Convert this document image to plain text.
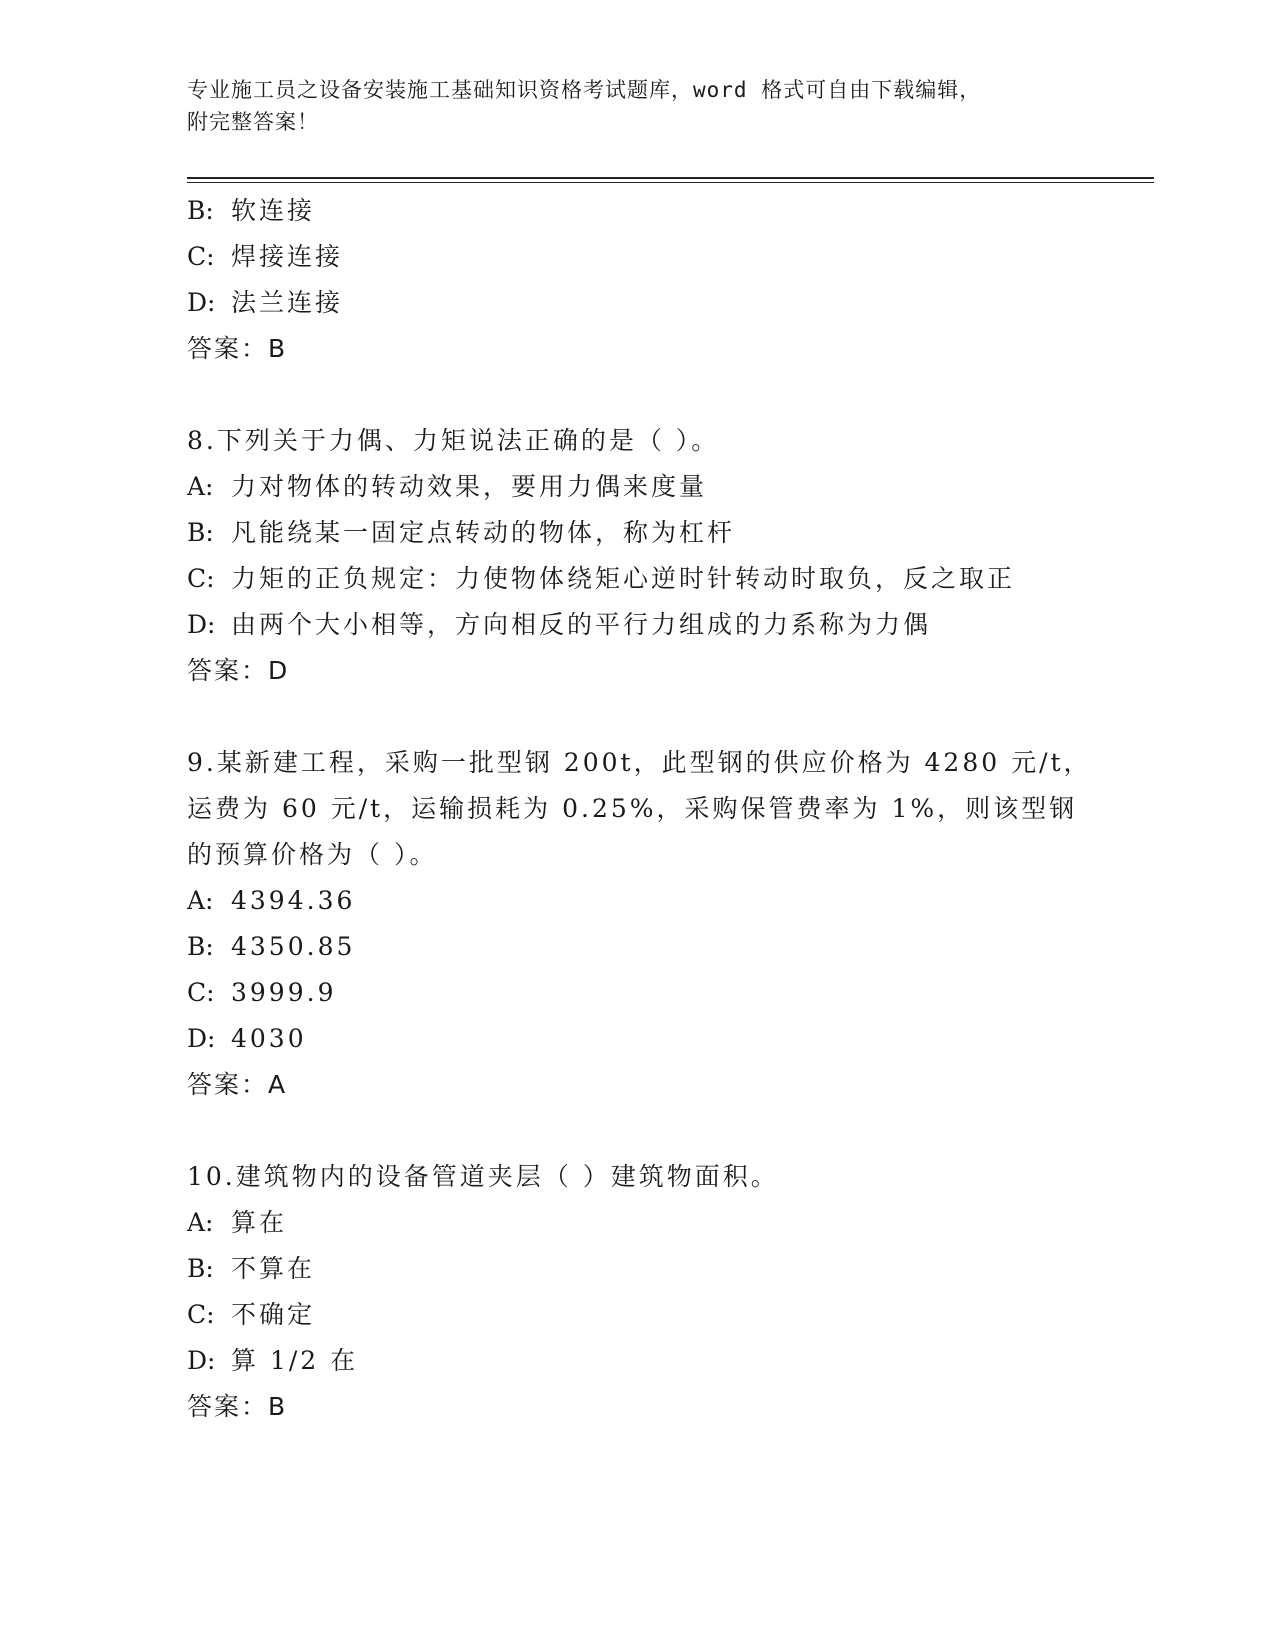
专业施工员之设备安装施工基础知识资格考试题库，word 格式可自由下载编辑，
附完整答案！
B: 软连接
C: 焊接连接
D: 法兰连接
答案：B
8.下列关于力偶、力矩说法正确的是（ ）。
A: 力对物体的转动效果，要用力偶来度量
B: 凡能绕某一固定点转动的物体，称为杠杆
C: 力矩的正负规定：力使物体绕矩心逆时针转动时取负，反之取正
D: 由两个大小相等，方向相反的平行力组成的力系称为力偶
答案：D
9.某新建工程，采购一批型钢 200t，此型钢的供应价格为 4280 元/t，
运费为 60 元/t，运输损耗为 0.25%，采购保管费率为 1%，则该型钢
的预算价格为（ ）。
A: 4394.36
B: 4350.85
C: 3999.9
D: 4030
答案：A
10.建筑物内的设备管道夹层（ ）建筑物面积。
A: 算在
B: 不算在
C: 不确定
D: 算 1/2 在
答案：B
